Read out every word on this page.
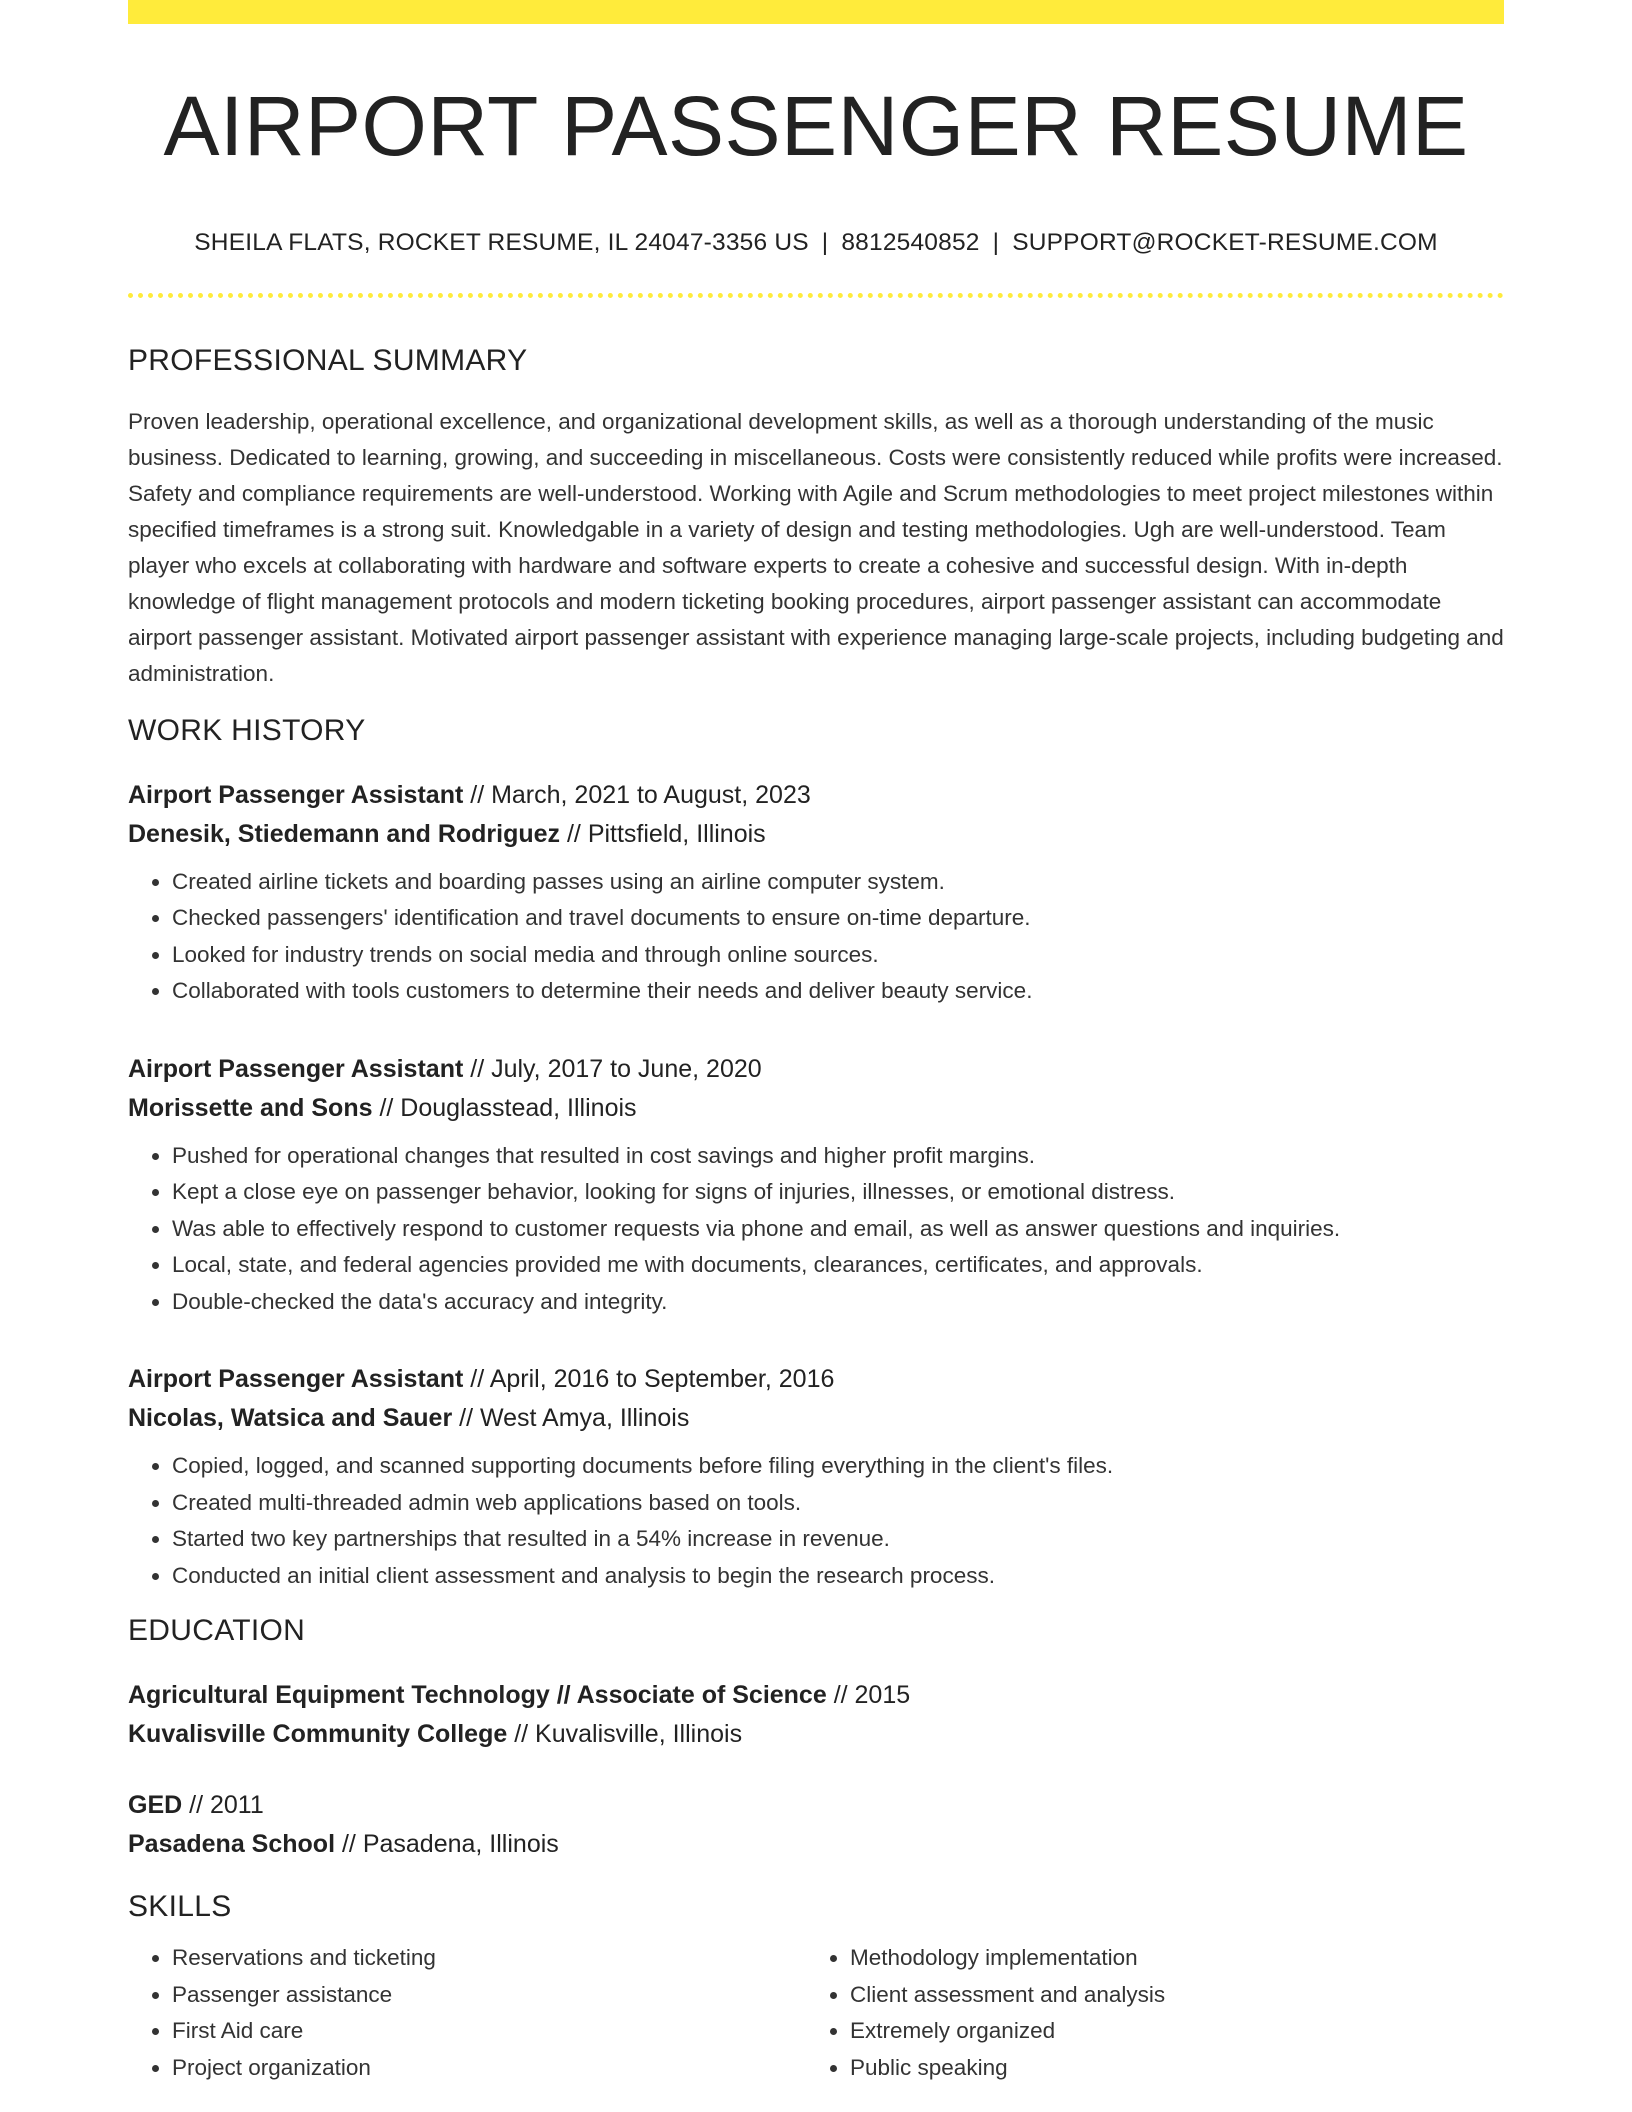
AIRPORT PASSENGER RESUME
SHEILA FLATS, ROCKET RESUME, IL 24047-3356 US | 8812540852 | SUPPORT@ROCKET-RESUME.COM
PROFESSIONAL SUMMARY
Proven leadership, operational excellence, and organizational development skills, as well as a thorough understanding of the music business. Dedicated to learning, growing, and succeeding in miscellaneous. Costs were consistently reduced while profits were increased. Safety and compliance requirements are well-understood. Working with Agile and Scrum methodologies to meet project milestones within specified timeframes is a strong suit. Knowledgable in a variety of design and testing methodologies. Ugh are well-understood. Team player who excels at collaborating with hardware and software experts to create a cohesive and successful design. With in-depth knowledge of flight management protocols and modern ticketing booking procedures, airport passenger assistant can accommodate airport passenger assistant. Motivated airport passenger assistant with experience managing large-scale projects, including budgeting and administration.
WORK HISTORY
Airport Passenger Assistant // March, 2021 to August, 2023
Denesik, Stiedemann and Rodriguez // Pittsfield, Illinois
• Created airline tickets and boarding passes using an airline computer system.
• Checked passengers' identification and travel documents to ensure on-time departure.
• Looked for industry trends on social media and through online sources.
• Collaborated with tools customers to determine their needs and deliver beauty service.
Airport Passenger Assistant // July, 2017 to June, 2020
Morissette and Sons // Douglasstead, Illinois
• Pushed for operational changes that resulted in cost savings and higher profit margins.
• Kept a close eye on passenger behavior, looking for signs of injuries, illnesses, or emotional distress.
• Was able to effectively respond to customer requests via phone and email, as well as answer questions and inquiries.
• Local, state, and federal agencies provided me with documents, clearances, certificates, and approvals.
• Double-checked the data's accuracy and integrity.
Airport Passenger Assistant // April, 2016 to September, 2016
Nicolas, Watsica and Sauer // West Amya, Illinois
• Copied, logged, and scanned supporting documents before filing everything in the client's files.
• Created multi-threaded admin web applications based on tools.
• Started two key partnerships that resulted in a 54% increase in revenue.
• Conducted an initial client assessment and analysis to begin the research process.
EDUCATION
Agricultural Equipment Technology // Associate of Science // 2015
Kuvalisville Community College // Kuvalisville, Illinois
GED // 2011
Pasadena School // Pasadena, Illinois
SKILLS
• Reservations and ticketing
• Passenger assistance
• First Aid care
• Project organization
• Methodology implementation
• Client assessment and analysis
• Extremely organized
• Public speaking
